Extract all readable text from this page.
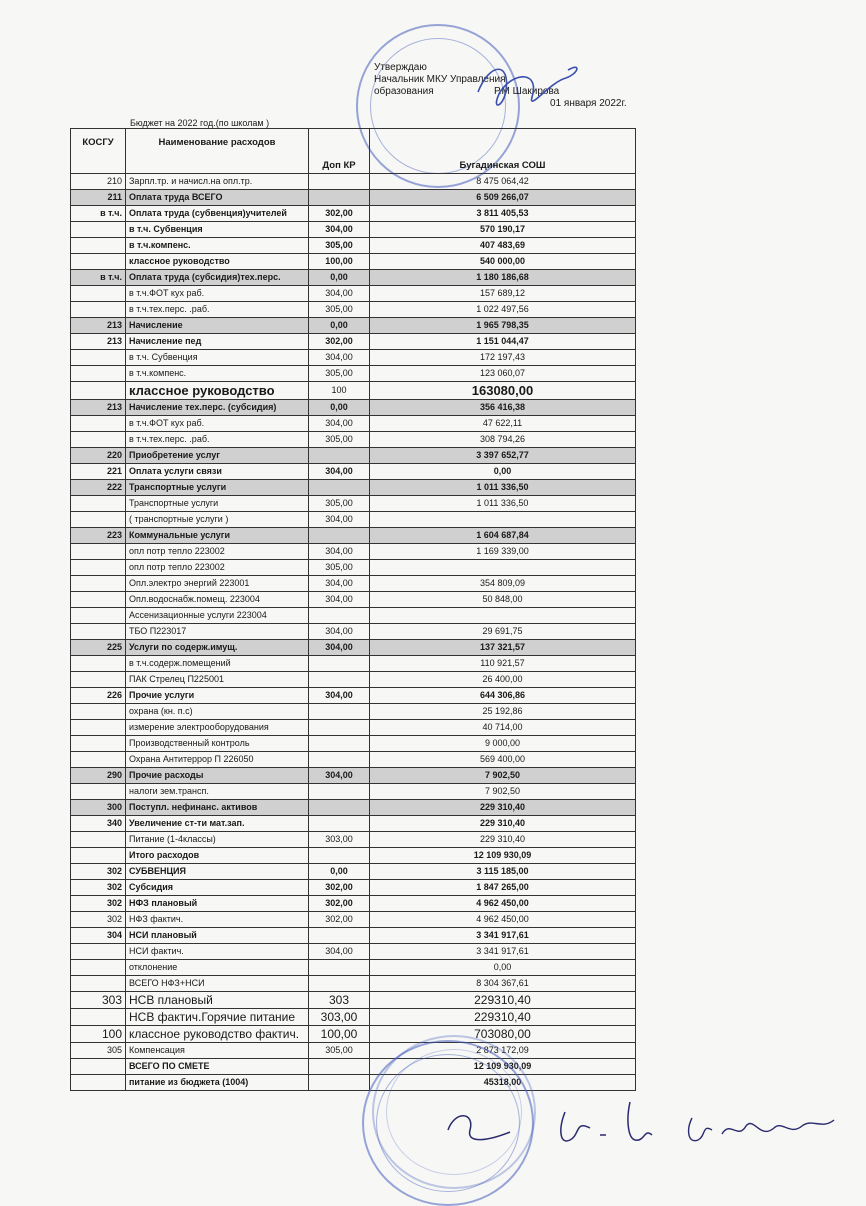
Утверждаю
Начальник МКУ Управления
образования	Р.М Шакирова
01 января 2022г.
Бюджет на 2022 год.(по школам )
КОСГУ	Наименование расходов	Доп КР	Бугадинская СОШ
210	Зарпл.тр. и начисл.на опл.тр.		8 475 064,42
211	Оплата труда ВСЕГО		6 509 266,07
в т.ч.	Оплата труда (субвенция)учителей	302,00	3 811 405,53
	в т.ч. Субвенция	304,00	570 190,17
	в т.ч.компенс.	305,00	407 483,69
	классное руководство	100,00	540 000,00
в т.ч.	Оплата труда (субсидия)тех.перс.	0,00	1 180 186,68
	в т.ч.ФОТ кух раб.	304,00	157 689,12
	в т.ч.тех.перс. .раб.	305,00	1 022 497,56
213	Начисление	0,00	1 965 798,35
213	Начисление пед	302,00	1 151 044,47
	в т.ч. Субвенция	304,00	172 197,43
	в т.ч.компенс.	305,00	123 060,07
	классное руководство	100	163080,00
213	Начисление тех.перс. (субсидия)	0,00	356 416,38
	в т.ч.ФОТ кух раб.	304,00	47 622,11
	в т.ч.тех.перс. .раб.	305,00	308 794,26
220	Приобретение услуг		3 397 652,77
221	Оплата услуги связи	304,00	0,00
222	Транспортные услуги		1 011 336,50
	Транспортные услуги	305,00	1 011 336,50
	( транспортные услуги )	304,00	
223	Коммунальные услуги		1 604 687,84
	опл потр тепло 223002	304,00	1 169 339,00
	опл потр тепло 223002	305,00	
	Опл.электро энергий 223001	304,00	354 809,09
	Опл.водоснабж.помещ. 223004	304,00	50 848,00
	Ассенизационные услуги 223004		
	ТБО П223017	304,00	29 691,75
225	Услуги по содерж.имущ.	304,00	137 321,57
	в т.ч.содерж.помещений		110 921,57
	ПАК Стрелец П225001		26 400,00
226	Прочие услуги	304,00	644 306,86
	охрана (кн. п.с)		25 192,86
	измерение электрооборудования		40 714,00
	Производственный контроль		9 000,00
	Охрана Антитеррор П 226050		569 400,00
290	Прочие расходы	304,00	7 902,50
	налоги зем.трансп.		7 902,50
300	Поступл. нефинанс. активов		229 310,40
340	Увеличение ст-ти мат.зап.		229 310,40
	Питание (1-4классы)	303,00	229 310,40
	Итого расходов		12 109 930,09
302	СУБВЕНЦИЯ	0,00	3 115 185,00
302	Субсидия	302,00	1 847 265,00
302	НФЗ плановый	302,00	4 962 450,00
302	НФЗ фактич.	302,00	4 962 450,00
304	НСИ плановый		3 341 917,61
	НСИ фактич.	304,00	3 341 917,61
	отклонение		0,00
	ВСЕГО НФЗ+НСИ		8 304 367,61
303	НСВ плановый	303	229310,40
	НСВ фактич.Горячие питание	303,00	229310,40
100	классное руководство фактич.	100,00	703080,00
305	Компенсация	305,00	2 873 172,09
	ВСЕГО ПО СМЕТЕ		12 109 930,09
	питание из бюджета (1004)		45318,00
